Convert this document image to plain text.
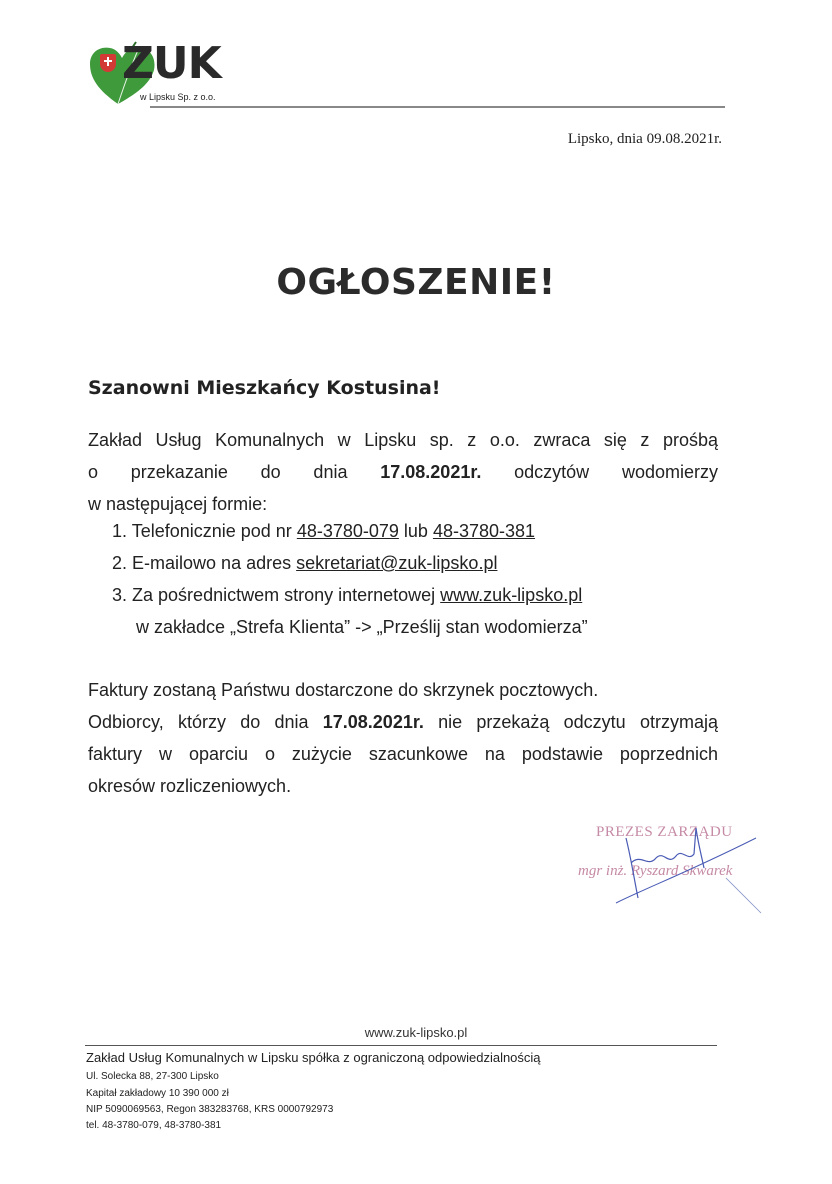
ZUK
w Lipsku Sp. z o.o.
Lipsko, dnia 09.08.2021r.
OGŁOSZENIE!
Szanowni Mieszkańcy Kostusina!
Zakład Usług Komunalnych w Lipsku sp. z o.o. zwraca się z prośbą
o przekazanie do dnia 17.08.2021r. odczytów wodomierzy
w następującej formie:
1. Telefonicznie pod nr 48-3780-079 lub 48-3780-381
2. E-mailowo na adres sekretariat@zuk-lipsko.pl
3. Za pośrednictwem strony internetowej www.zuk-lipsko.pl
w zakładce „Strefa Klienta” -> „Prześlij stan wodomierza”
Faktury zostaną Państwu dostarczone do skrzynek pocztowych.
Odbiorcy, którzy do dnia 17.08.2021r. nie przekażą odczytu otrzymają
faktury w oparciu o zużycie szacunkowe na podstawie poprzednich
okresów rozliczeniowych.
PREZES ZARZĄDU
mgr inż. Ryszard Skwarek
www.zuk-lipsko.pl
Zakład Usług Komunalnych w Lipsku spółka z ograniczoną odpowiedzialnością
Ul. Solecka 88, 27-300 Lipsko
Kapitał zakładowy 10 390 000 zł
NIP 5090069563, Regon 383283768, KRS 0000792973
tel. 48-3780-079, 48-3780-381
